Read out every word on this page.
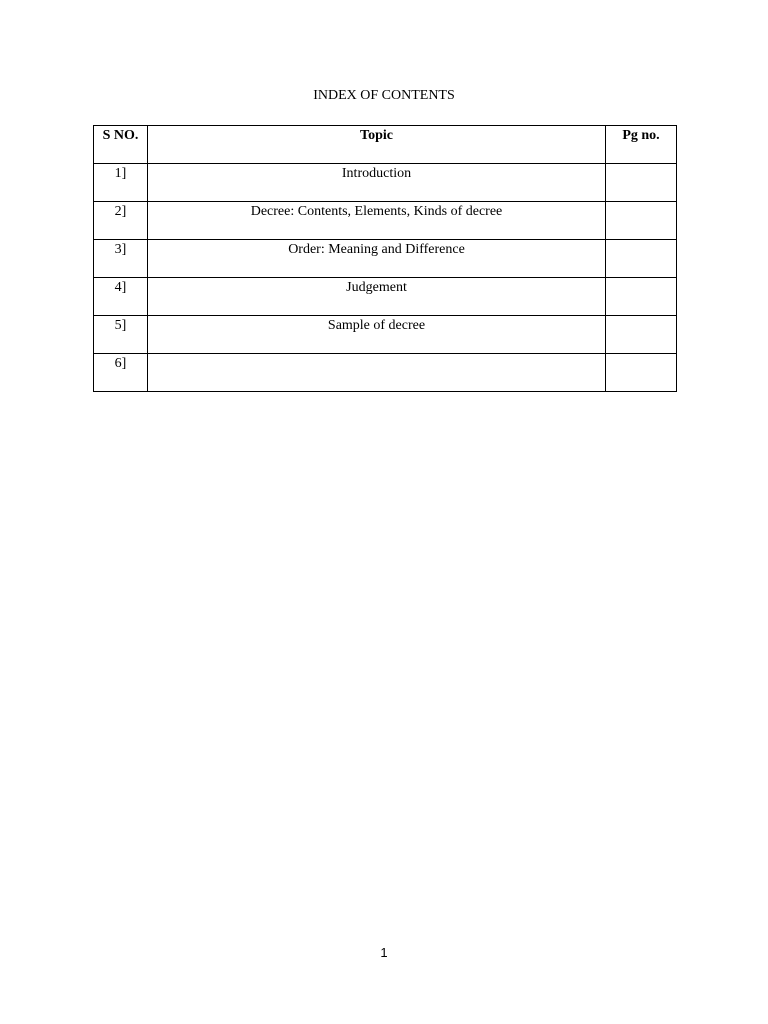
INDEX OF CONTENTS
S NO.	Topic	Pg no.

1]	Introduction	

2]	Decree: Contents, Elements, Kinds of decree	

3]	Order: Meaning and Difference	

4]	Judgement	

5]	Sample of decree	

6]		

1
